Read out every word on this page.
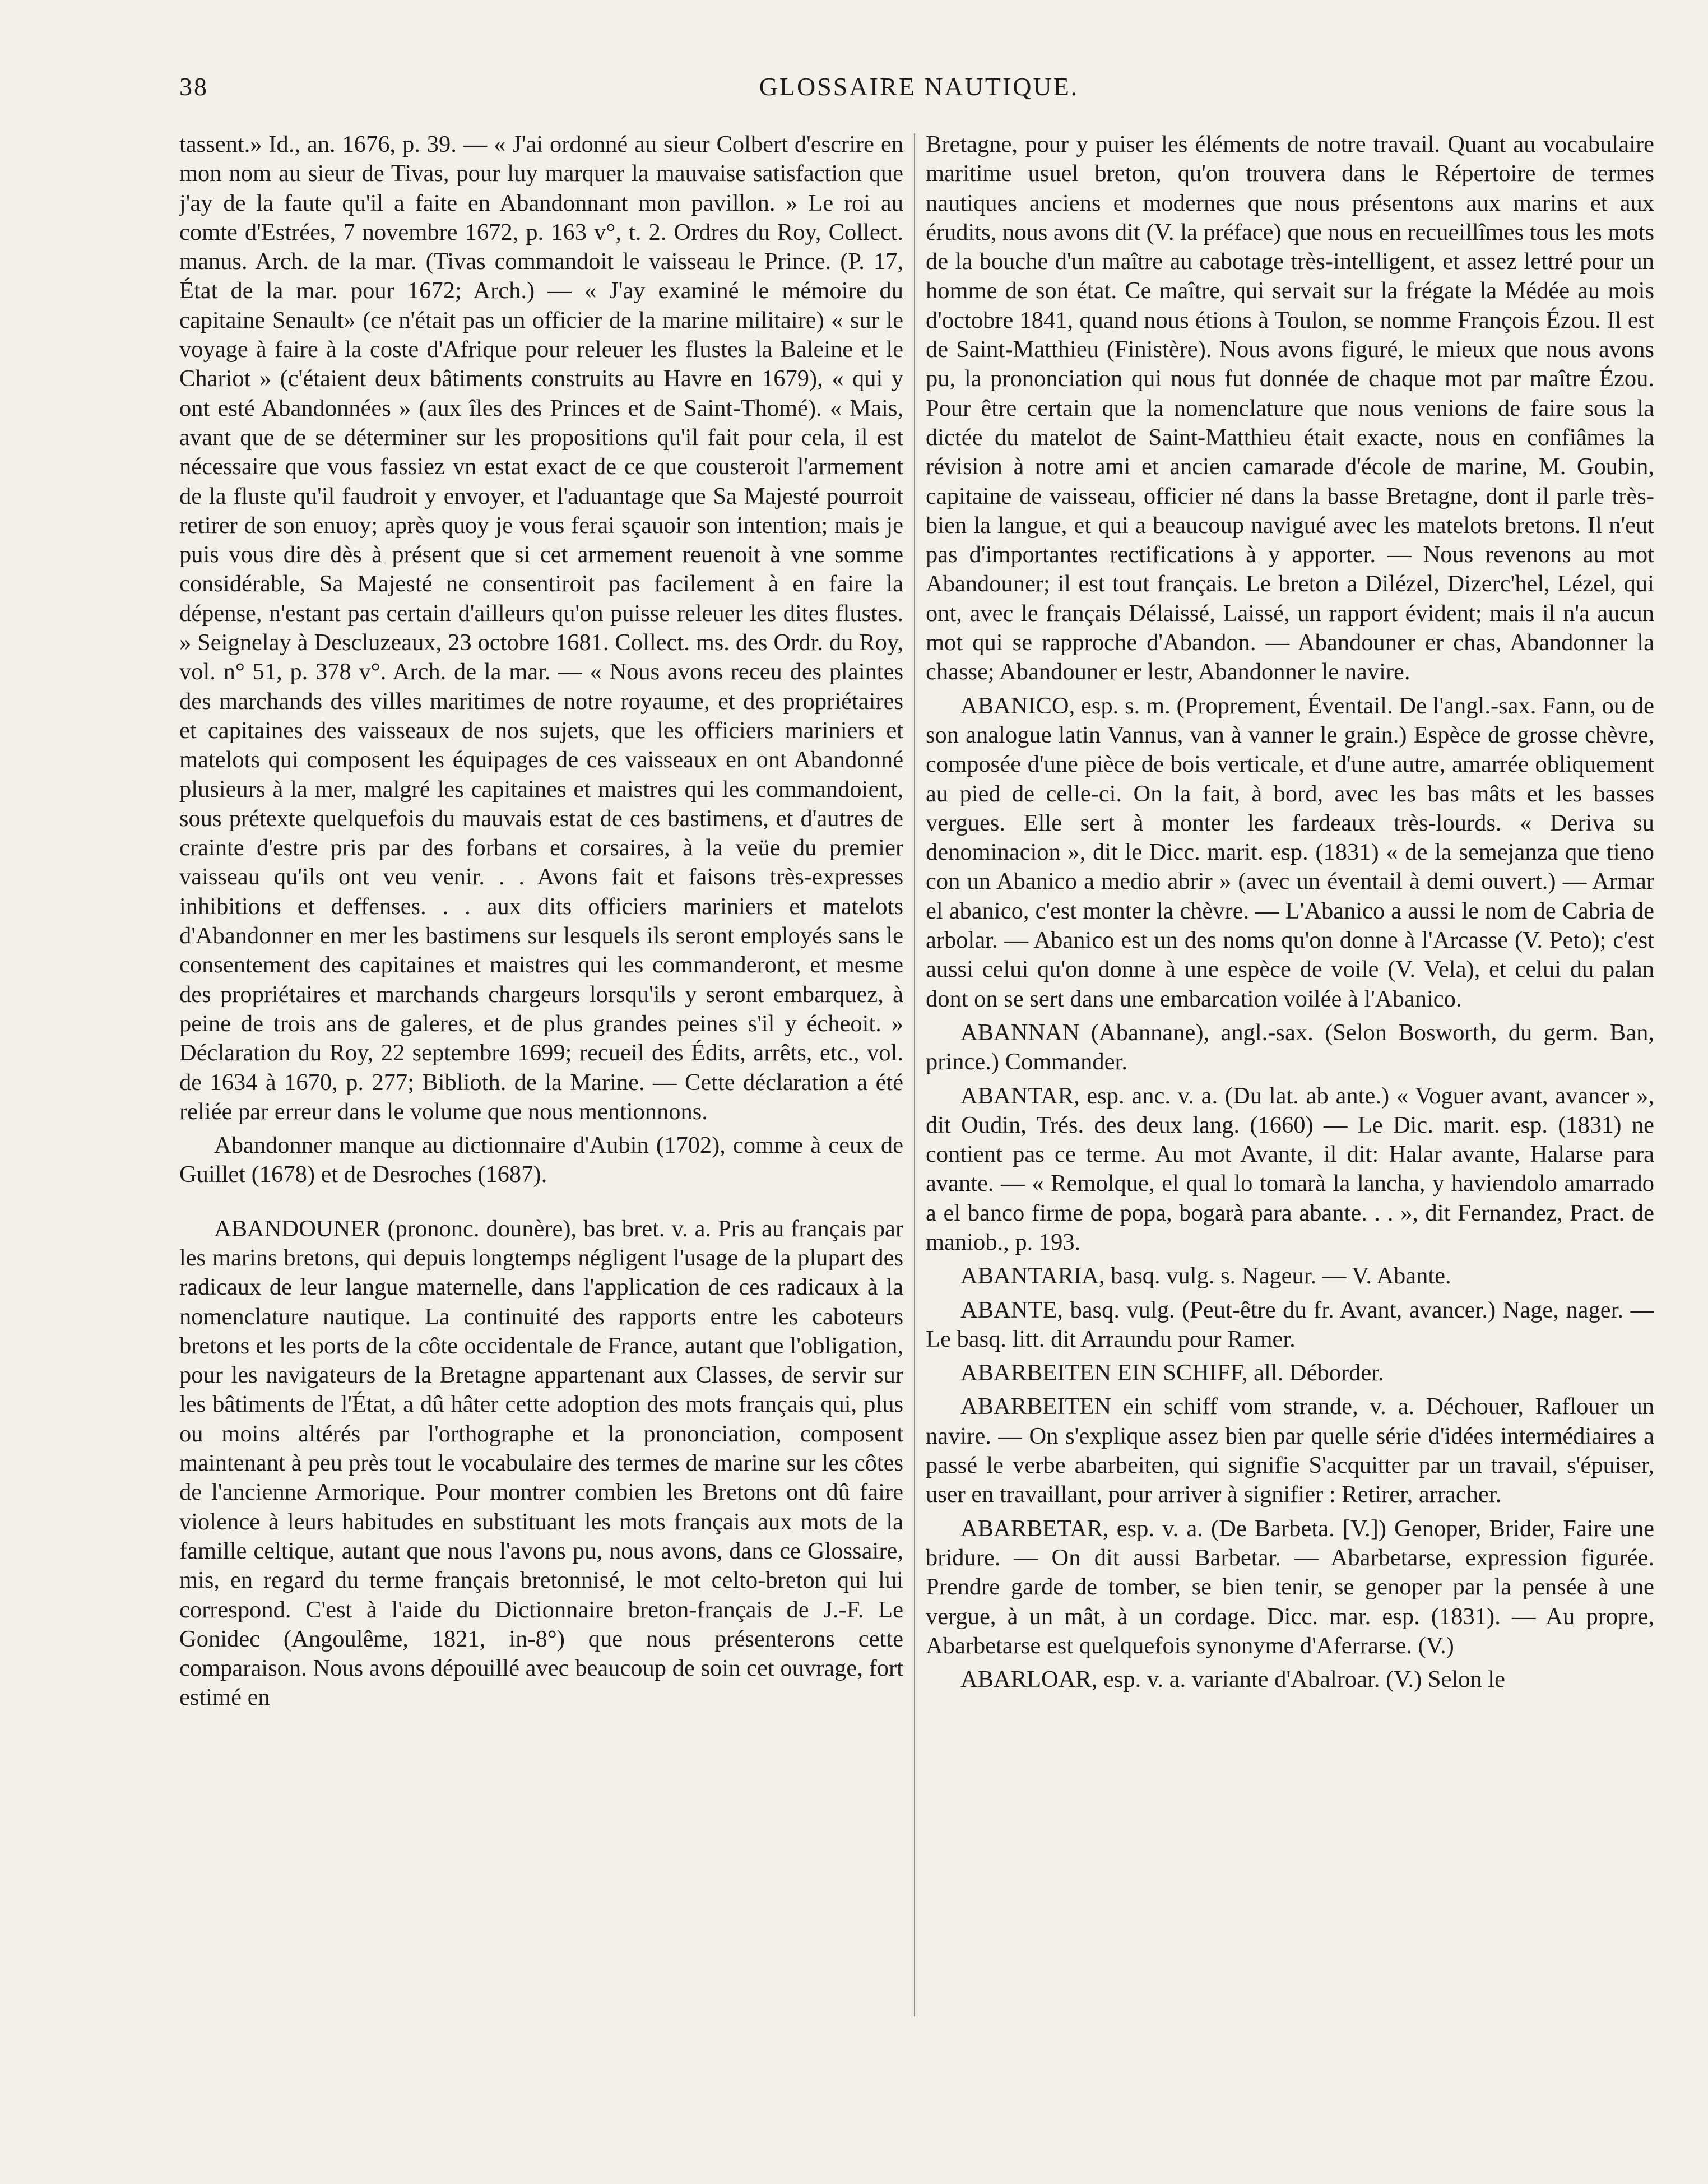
38	GLOSSAIRE NAUTIQUE.

tassent.» Id., an. 1676, p. 39. — « J'ai ordonné au sieur Colbert d'escrire en mon nom au sieur de Tivas, pour luy marquer la mauvaise satisfaction que j'ay de la faute qu'il a faite en Abandonnant mon pavillon. » Le roi au comte d'Estrées, 7 novembre 1672, p. 163 v°, t. 2. Ordres du Roy, Collect. manus. Arch. de la mar. (Tivas commandoit le vaisseau le Prince. (P. 17, État de la mar. pour 1672; Arch.) — « J'ay examiné le mémoire du capitaine Senault» (ce n'était pas un officier de la marine militaire) « sur le voyage à faire à la coste d'Afrique pour releuer les flustes la Baleine et le Chariot » (c'étaient deux bâtiments construits au Havre en 1679), « qui y ont esté Abandonnées » (aux îles des Princes et de Saint-Thomé). « Mais, avant que de se déterminer sur les propositions qu'il fait pour cela, il est nécessaire que vous fassiez vn estat exact de ce que cousteroit l'armement de la fluste qu'il faudroit y envoyer, et l'aduantage que Sa Majesté pourroit retirer de son enuoy; après quoy je vous ferai sçauoir son intention; mais je puis vous dire dès à présent que si cet armement reuenoit à vne somme considérable, Sa Majesté ne consentiroit pas facilement à en faire la dépense, n'estant pas certain d'ailleurs qu'on puisse releuer les dites flustes. » Seignelay à Descluzeaux, 23 octobre 1681. Collect. ms. des Ordr. du Roy, vol. n° 51, p. 378 v°. Arch. de la mar. — « Nous avons receu des plaintes des marchands des villes maritimes de notre royaume, et des propriétaires et capitaines des vaisseaux de nos sujets, que les officiers mariniers et matelots qui composent les équipages de ces vaisseaux en ont Abandonné plusieurs à la mer, malgré les capitaines et maistres qui les commandoient, sous prétexte quelquefois du mauvais estat de ces bastimens, et d'autres de crainte d'estre pris par des forbans et corsaires, à la veüe du premier vaisseau qu'ils ont veu venir. . . Avons fait et faisons très-expresses inhibitions et deffenses. . . aux dits officiers mariniers et matelots d'Abandonner en mer les bastimens sur lesquels ils seront employés sans le consentement des capitaines et maistres qui les commanderont, et mesme des propriétaires et marchands chargeurs lorsqu'ils y seront embarquez, à peine de trois ans de galeres, et de plus grandes peines s'il y écheoit. » Déclaration du Roy, 22 septembre 1699; recueil des Édits, arrêts, etc., vol. de 1634 à 1670, p. 277; Biblioth. de la Marine. — Cette déclaration a été reliée par erreur dans le volume que nous mentionnons.

Abandonner manque au dictionnaire d'Aubin (1702), comme à ceux de Guillet (1678) et de Desroches (1687).

ABANDOUNER (prononc. dounère), bas bret. v. a. Pris au français par les marins bretons, qui depuis longtemps négligent l'usage de la plupart des radicaux de leur langue maternelle, dans l'application de ces radicaux à la nomenclature nautique. La continuité des rapports entre les caboteurs bretons et les ports de la côte occidentale de France, autant que l'obligation, pour les navigateurs de la Bretagne appartenant aux Classes, de servir sur les bâtiments de l'État, a dû hâter cette adoption des mots français qui, plus ou moins altérés par l'orthographe et la prononciation, composent maintenant à peu près tout le vocabulaire des termes de marine sur les côtes de l'ancienne Armorique. Pour montrer combien les Bretons ont dû faire violence à leurs habitudes en substituant les mots français aux mots de la famille celtique, autant que nous l'avons pu, nous avons, dans ce Glossaire, mis, en regard du terme français bretonnisé, le mot celto-breton qui lui correspond. C'est à l'aide du Dictionnaire breton-français de J.-F. Le Gonidec (Angoulême, 1821, in-8°) que nous présenterons cette comparaison. Nous avons dépouillé avec beaucoup de soin cet ouvrage, fort estimé en

Bretagne, pour y puiser les éléments de notre travail. Quant au vocabulaire maritime usuel breton, qu'on trouvera dans le Répertoire de termes nautiques anciens et modernes que nous présentons aux marins et aux érudits, nous avons dit (V. la préface) que nous en recueillîmes tous les mots de la bouche d'un maître au cabotage très-intelligent, et assez lettré pour un homme de son état. Ce maître, qui servait sur la frégate la Médée au mois d'octobre 1841, quand nous étions à Toulon, se nomme François Ézou. Il est de Saint-Matthieu (Finistère). Nous avons figuré, le mieux que nous avons pu, la prononciation qui nous fut donnée de chaque mot par maître Ézou. Pour être certain que la nomenclature que nous venions de faire sous la dictée du matelot de Saint-Matthieu était exacte, nous en confiâmes la révision à notre ami et ancien camarade d'école de marine, M. Goubin, capitaine de vaisseau, officier né dans la basse Bretagne, dont il parle très-bien la langue, et qui a beaucoup navigué avec les matelots bretons. Il n'eut pas d'importantes rectifications à y apporter. — Nous revenons au mot Abandouner; il est tout français. Le breton a Dilézel, Dizerc'hel, Lézel, qui ont, avec le français Délaissé, Laissé, un rapport évident; mais il n'a aucun mot qui se rapproche d'Abandon. — Abandouner er chas, Abandonner la chasse; Abandouner er lestr, Abandonner le navire.

ABANICO, esp. s. m. (Proprement, Éventail. De l'angl.-sax. Fann, ou de son analogue latin Vannus, van à vanner le grain.) Espèce de grosse chèvre, composée d'une pièce de bois verticale, et d'une autre, amarrée obliquement au pied de celle-ci. On la fait, à bord, avec les bas mâts et les basses vergues. Elle sert à monter les fardeaux très-lourds. « Deriva su denominacion », dit le Dicc. marit. esp. (1831) « de la semejanza que tieno con un Abanico a medio abrir » (avec un éventail à demi ouvert.) — Armar el abanico, c'est monter la chèvre. — L'Abanico a aussi le nom de Cabria de arbolar. — Abanico est un des noms qu'on donne à l'Arcasse (V. Peto); c'est aussi celui qu'on donne à une espèce de voile (V. Vela), et celui du palan dont on se sert dans une embarcation voilée à l'Abanico.

ABANNAN (Abannane), angl.-sax. (Selon Bosworth, du germ. Ban, prince.) Commander.

ABANTAR, esp. anc. v. a. (Du lat. ab ante.) « Voguer avant, avancer », dit Oudin, Trés. des deux lang. (1660) — Le Dic. marit. esp. (1831) ne contient pas ce terme. Au mot Avante, il dit: Halar avante, Halarse para avante. — « Remolque, el qual lo tomarà la lancha, y haviendolo amarrado a el banco firme de popa, bogarà para abante. . . », dit Fernandez, Pract. de maniob., p. 193.

ABANTARIA, basq. vulg. s. Nageur. — V. Abante.

ABANTE, basq. vulg. (Peut-être du fr. Avant, avancer.) Nage, nager. — Le basq. litt. dit Arraundu pour Ramer.

ABARBEITEN EIN SCHIFF, all. Déborder.

ABARBEITEN ein schiff vom strande, v. a. Déchouer, Raflouer un navire. — On s'explique assez bien par quelle série d'idées intermédiaires a passé le verbe abarbeiten, qui signifie S'acquitter par un travail, s'épuiser, user en travaillant, pour arriver à signifier : Retirer, arracher.

ABARBETAR, esp. v. a. (De Barbeta. [V.]) Genoper, Brider, Faire une bridure. — On dit aussi Barbetar. — Abarbetarse, expression figurée. Prendre garde de tomber, se bien tenir, se genoper par la pensée à une vergue, à un mât, à un cordage. Dicc. mar. esp. (1831). — Au propre, Abarbetarse est quelquefois synonyme d'Aferrarse. (V.)

ABARLOAR, esp. v. a. variante d'Abalroar. (V.) Selon le
